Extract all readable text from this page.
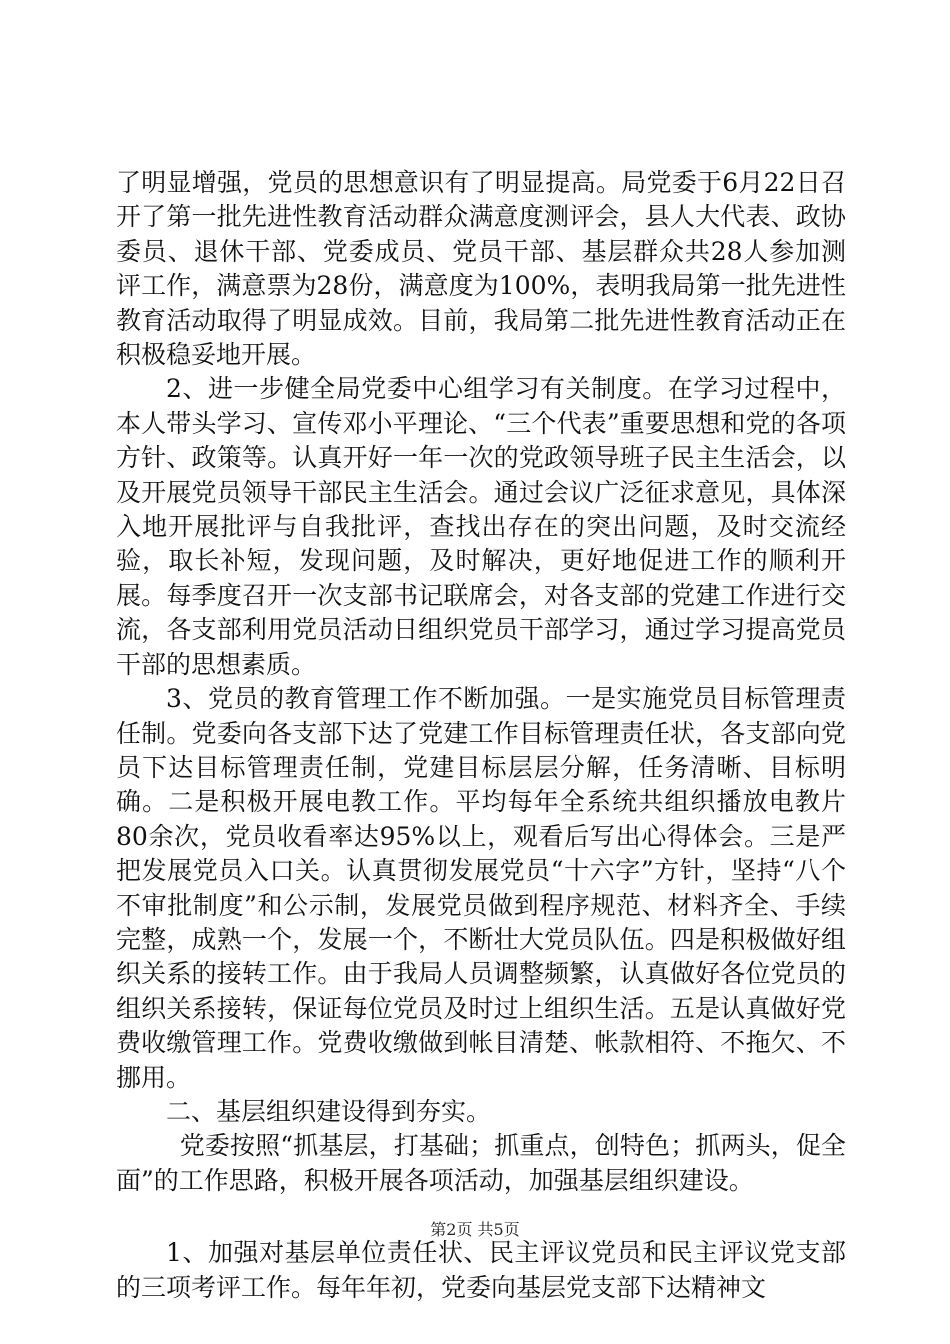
了明显增强，党员的思想意识有了明显提高。局党委于6月22日召开了第一批先进性教育活动群众满意度测评会，县人大代表、政协委员、退休干部、党委成员、党员干部、基层群众共28人参加测评工作，满意票为28份，满意度为100%，表明我局第一批先进性教育活动取得了明显成效。目前，我局第二批先进性教育活动正在积极稳妥地开展。

2、进一步健全局党委中心组学习有关制度。在学习过程中，本人带头学习、宣传邓小平理论、“三个代表”重要思想和党的各项方针、政策等。认真开好一年一次的党政领导班子民主生活会，以及开展党员领导干部民主生活会。通过会议广泛征求意见，具体深入地开展批评与自我批评，查找出存在的突出问题，及时交流经验，取长补短，发现问题，及时解决，更好地促进工作的顺利开展。每季度召开一次支部书记联席会，对各支部的党建工作进行交流，各支部利用党员活动日组织党员干部学习，通过学习提高党员干部的思想素质。

3、党员的教育管理工作不断加强。一是实施党员目标管理责任制。党委向各支部下达了党建工作目标管理责任状，各支部向党员下达目标管理责任制，党建目标层层分解，任务清晰、目标明确。二是积极开展电教工作。平均每年全系统共组织播放电教片80余次，党员收看率达95%以上，观看后写出心得体会。三是严把发展党员入口关。认真贯彻发展党员“十六字”方针，坚持“八个不审批制度”和公示制，发展党员做到程序规范、材料齐全、手续完整，成熟一个，发展一个，不断壮大党员队伍。四是积极做好组织关系的接转工作。由于我局人员调整频繁，认真做好各位党员的组织关系接转，保证每位党员及时过上组织生活。五是认真做好党费收缴管理工作。党费收缴做到帐目清楚、帐款相符、不拖欠、不挪用。

二、基层组织建设得到夯实。

党委按照“抓基层，打基础；抓重点，创特色；抓两头，促全面”的工作思路，积极开展各项活动，加强基层组织建设。

1、加强对基层单位责任状、民主评议党员和民主评议党支部的三项考评工作。每年年初，党委向基层党支部下达精神文

第2页 共5页
